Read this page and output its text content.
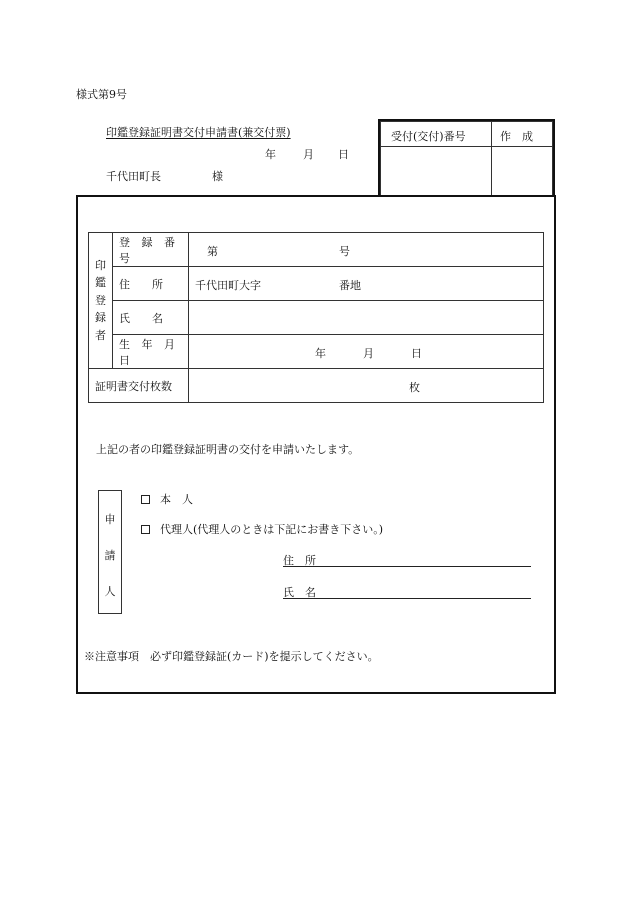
様式第9号
印鑑登録証明書交付申請書(兼交付票)
年 月 日
千代田町長	様
受付(交付)番号	作　成
印
鑑
登
録
者	登 録 番 号	第 号

	住　　所	千代田町大字 番地

	氏　　名	
	生 年 月 日	年 月 日

証明書交付枚数		枚
上記の者の印鑑登録証明書の交付を申請いたします。
申
請
人
本　人
代理人(代理人のときは下記にお書き下さい。)
住　所
氏　名
※注意事項　必ず印鑑登録証(カード)を提示してください。
